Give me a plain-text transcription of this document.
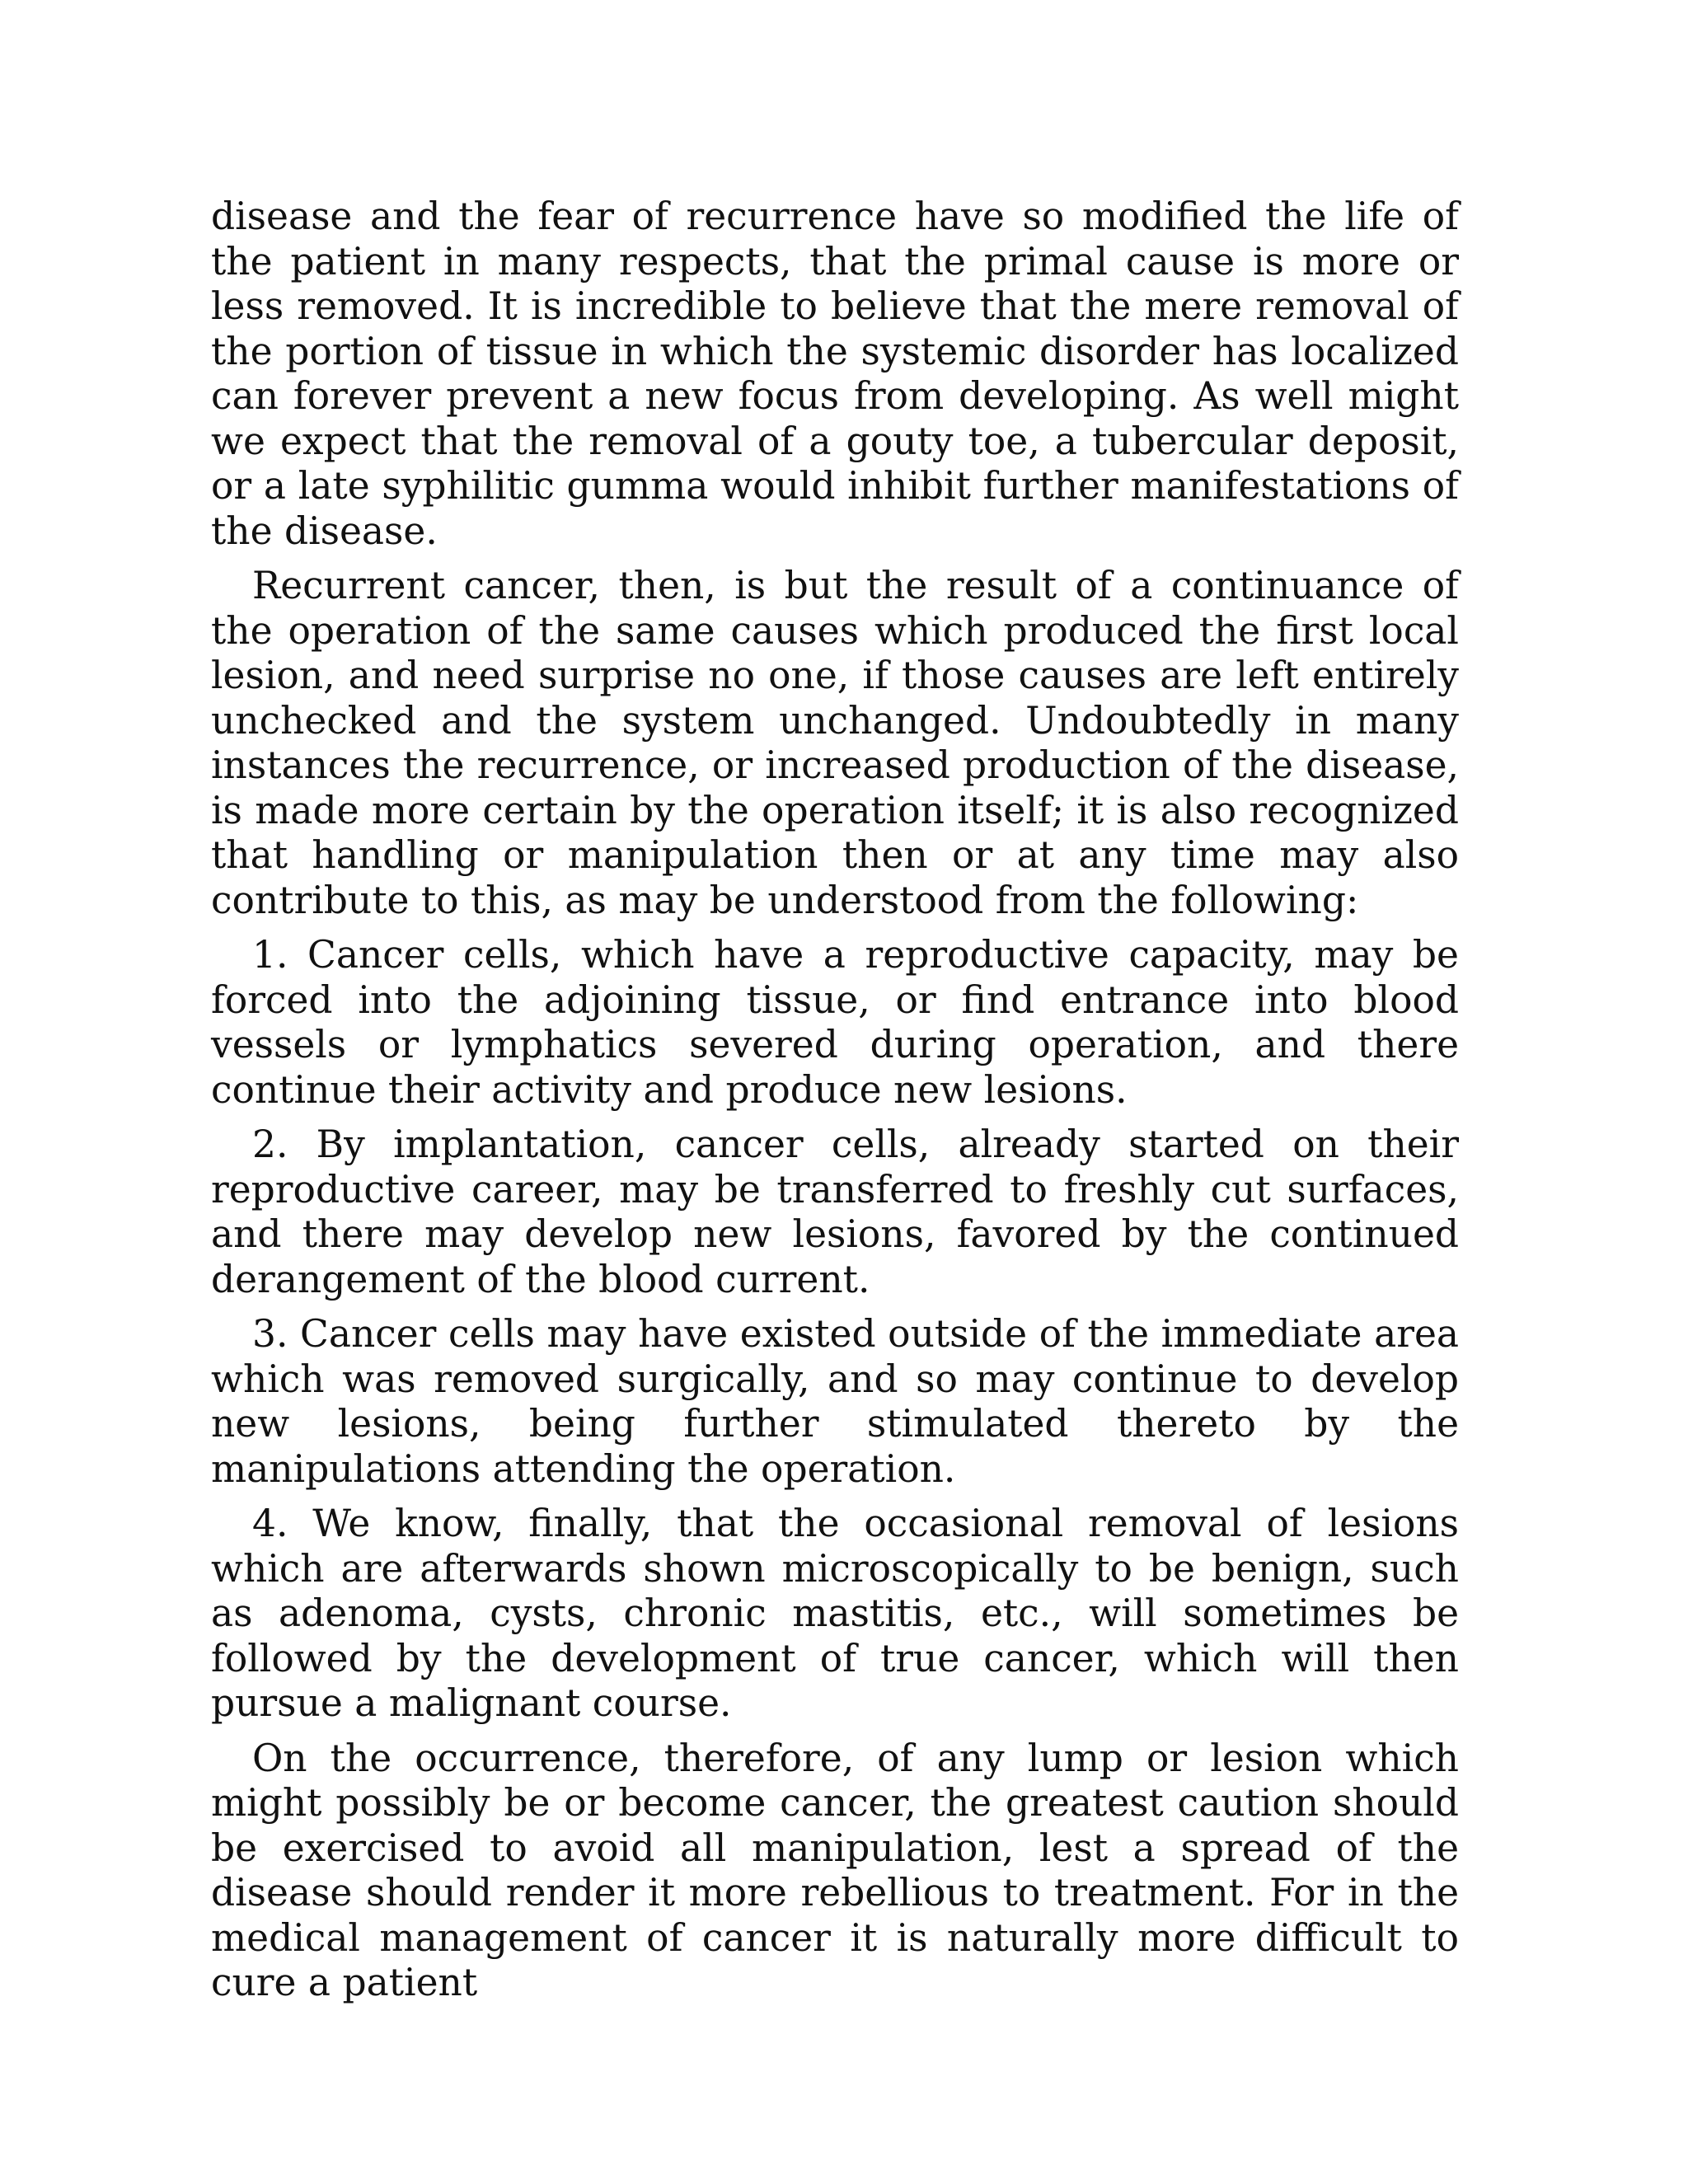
disease and the fear of recurrence have so modified the life of the patient in many respects, that the primal cause is more or less removed. It is incredible to believe that the mere removal of the portion of tissue in which the systemic disorder has localized can forever prevent a new focus from developing. As well might we expect that the removal of a gouty toe, a tubercular deposit, or a late syphilitic gumma would inhibit further manifestations of the disease.

Recurrent cancer, then, is but the result of a continuance of the operation of the same causes which produced the first local lesion, and need surprise no one, if those causes are left entirely unchecked and the system unchanged. Undoubtedly in many instances the recurrence, or increased production of the disease, is made more certain by the operation itself; it is also recognized that handling or manipulation then or at any time may also contribute to this, as may be understood from the following:

1. Cancer cells, which have a reproductive capacity, may be forced into the adjoining tissue, or find entrance into blood vessels or lymphatics severed during operation, and there continue their activity and produce new lesions.

2. By implantation, cancer cells, already started on their reproductive career, may be transferred to freshly cut surfaces, and there may develop new lesions, favored by the continued derangement of the blood current.

3. Cancer cells may have existed outside of the immediate area which was removed surgically, and so may continue to develop new lesions, being further stimulated thereto by the manipulations attending the operation.

4. We know, finally, that the occasional removal of lesions which are afterwards shown microscopically to be benign, such as adenoma, cysts, chronic mastitis, etc., will sometimes be followed by the development of true cancer, which will then pursue a malignant course.

On the occurrence, therefore, of any lump or lesion which might possibly be or become cancer, the greatest caution should be exercised to avoid all manipulation, lest a spread of the disease should render it more rebellious to treatment. For in the medical management of cancer it is naturally more difficult to cure a patient
